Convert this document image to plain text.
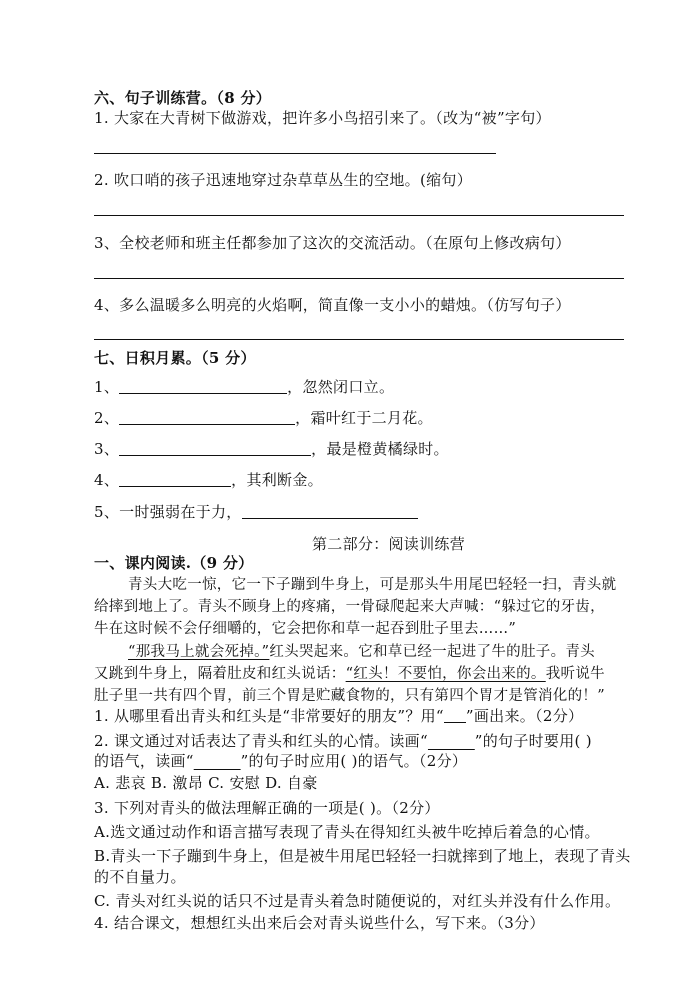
六、句子训练营。（8 分）
1. 大家在大青树下做游戏，把许多小鸟招引来了。（改为“被”字句）
2. 吹口哨的孩子迅速地穿过杂草草丛生的空地。(缩句）
3、全校老师和班主任都参加了这次的交流活动。（在原句上修改病句）
4、多么温暖多么明亮的火焰啊，简直像一支小小的蜡烛。（仿写句子）
七、日积月累。（5 分）
1、	，忽然闭口立。
2、	，霜叶红于二月花。
3、	，最是橙黄橘绿时。
4、	，其利断金。
5、一时强弱在于力，
第二部分：阅读训练营
一、课内阅读.（9 分）
青头大吃一惊，它一下子蹦到牛身上，可是那头牛用尾巴轻轻一扫，青头就
给摔到地上了。青头不顾身上的疼痛，一骨碌爬起来大声喊：“躲过它的牙齿，
牛在这时候不会仔细嚼的，它会把你和草一起吞到肚子里去……”
“那我马上就会死掉。”红头哭起来。它和草已经一起进了牛的肚子。青头
又跳到牛身上，隔着肚皮和红头说话：“红头！不要怕，你会出来的。我听说牛
肚子里一共有四个胃，前三个胃是贮藏食物的，只有第四个胃才是管消化的！”
1. 从哪里看出青头和红头是“非常要好的朋友”？用“ ”画出来。（2分）
2. 课文通过对话表达了青头和红头的心情。读画“______”的句子时要用( )
的语气，读画“______”的句子时应用( )的语气。（2分）
A. 悲哀 B. 激昂 C. 安慰 D. 自豪
3. 下列对青头的做法理解正确的一项是( )。（2分）
A.选文通过动作和语言描写表现了青头在得知红头被牛吃掉后着急的心情。
B.青头一下子蹦到牛身上，但是被牛用尾巴轻轻一扫就摔到了地上，表现了青头
的不自量力。
C. 青头对红头说的话只不过是青头着急时随便说的，对红头并没有什么作用。
4. 结合课文，想想红头出来后会对青头说些什么，写下来。（3分）
